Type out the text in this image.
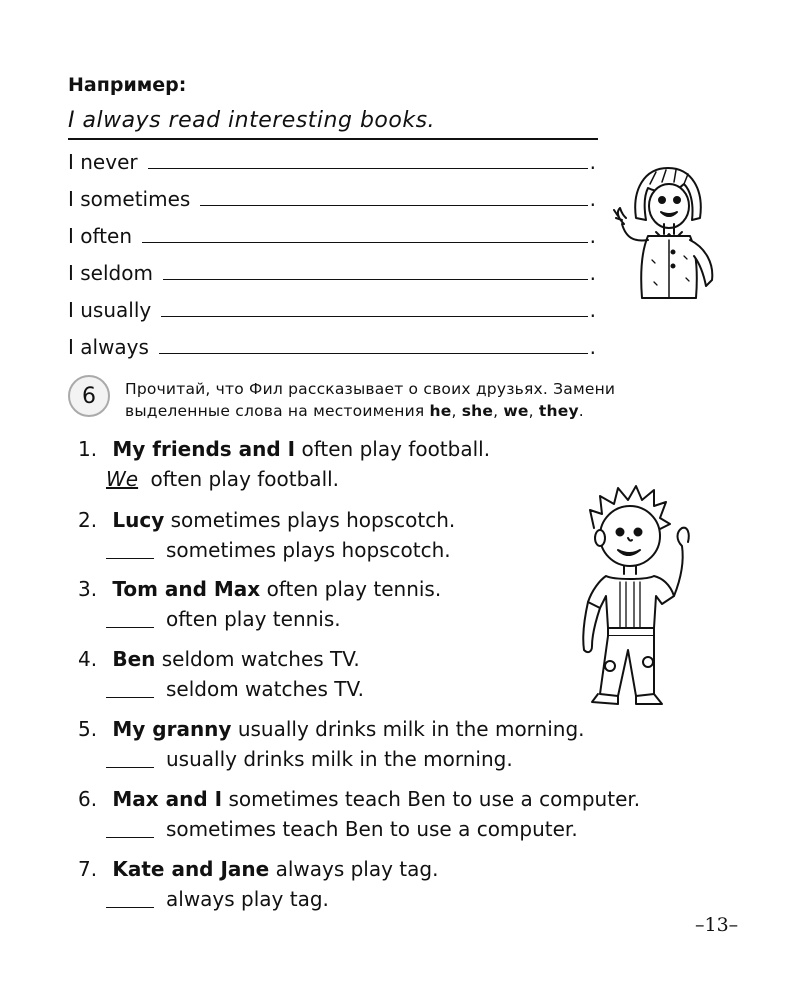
Например:
I always read interesting books.
I never	.
I sometimes	.
I often	.
I seldom	.
I usually	.
I always	.
6	Прочитай, что Фил рассказывает о своих друзьях. Замени выделенные слова на местоимения he, she, we, they.
1. My friends and I often play football.
We often play football.
2. Lucy sometimes plays hopscotch.
sometimes plays hopscotch.
3. Tom and Max often play tennis.
often play tennis.
4. Ben seldom watches TV.
seldom watches TV.
5. My granny usually drinks milk in the morning.
usually drinks milk in the morning.
6. Max and I sometimes teach Ben to use a computer.
sometimes teach Ben to use a computer.
7. Kate and Jane always play tag.
always play tag.
–13–
